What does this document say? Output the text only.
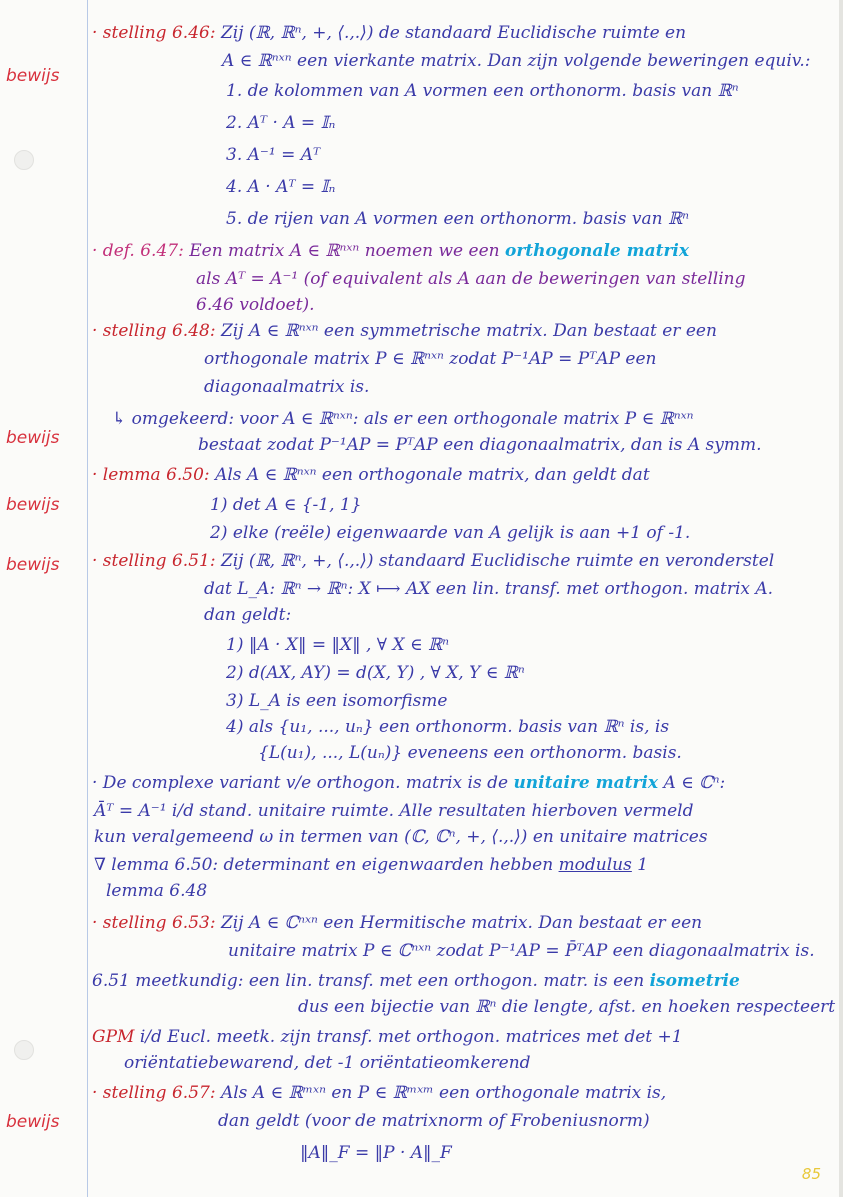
bewijs
bewijs
bewijs
bewijs
bewijs
· stelling 6.46: Zij (ℝ, ℝⁿ, +, ⟨.,.⟩) de standaard Euclidische ruimte en
A ∈ ℝⁿˣⁿ een vierkante matrix. Dan zijn volgende beweringen equiv.:
1. de kolommen van A vormen een orthonorm. basis van ℝⁿ
2. Aᵀ · A = 𝕀ₙ
3. A⁻¹ = Aᵀ
4. A · Aᵀ = 𝕀ₙ
5. de rijen van A vormen een orthonorm. basis van ℝⁿ
· def. 6.47: Een matrix A ∈ ℝⁿˣⁿ noemen we een orthogonale matrix
als Aᵀ = A⁻¹ (of equivalent als A aan de beweringen van stelling
6.46 voldoet).
· stelling 6.48: Zij A ∈ ℝⁿˣⁿ een symmetrische matrix. Dan bestaat er een
orthogonale matrix P ∈ ℝⁿˣⁿ zodat P⁻¹AP = PᵀAP een
diagonaalmatrix is.
↳ omgekeerd: voor A ∈ ℝⁿˣⁿ: als er een orthogonale matrix P ∈ ℝⁿˣⁿ
bestaat zodat P⁻¹AP = PᵀAP een diagonaalmatrix, dan is A symm.
· lemma 6.50: Als A ∈ ℝⁿˣⁿ een orthogonale matrix, dan geldt dat
1) det A ∈ {-1, 1}
2) elke (reële) eigenwaarde van A gelijk is aan +1 of -1.
· stelling 6.51: Zij (ℝ, ℝⁿ, +, ⟨.,.⟩) standaard Euclidische ruimte en veronderstel
dat L_A: ℝⁿ → ℝⁿ: X ⟼ AX een lin. transf. met orthogon. matrix A.
dan geldt:
1) ‖A · X‖ = ‖X‖ , ∀ X ∈ ℝⁿ
2) d(AX, AY) = d(X, Y) , ∀ X, Y ∈ ℝⁿ
3) L_A is een isomorfisme
4) als {u₁, ..., uₙ} een orthonorm. basis van ℝⁿ is, is
{L(u₁), ..., L(uₙ)} eveneens een orthonorm. basis.
· De complexe variant v/e orthogon. matrix is de unitaire matrix A ∈ ℂⁿ:
Āᵀ = A⁻¹ i/d stand. unitaire ruimte. Alle resultaten hierboven vermeld
kun veralgemeend ω in termen van (ℂ, ℂⁿ, +, ⟨.,.⟩) en unitaire matrices
∇ lemma 6.50: determinant en eigenwaarden hebben modulus 1
lemma 6.48
· stelling 6.53: Zij A ∈ ℂⁿˣⁿ een Hermitische matrix. Dan bestaat er een
unitaire matrix P ∈ ℂⁿˣⁿ zodat P⁻¹AP = P̄ᵀAP een diagonaalmatrix is.
6.51 meetkundig: een lin. transf. met een orthogon. matr. is een isometrie
dus een bijectie van ℝⁿ die lengte, afst. en hoeken respecteert
GPM i/d Eucl. meetk. zijn transf. met orthogon. matrices met det +1
oriëntatiebewarend, det -1 oriëntatieomkerend
· stelling 6.57: Als A ∈ ℝᵐˣⁿ en P ∈ ℝᵐˣᵐ een orthogonale matrix is,
dan geldt (voor de matrixnorm of Frobeniusnorm)
‖A‖_F = ‖P · A‖_F
85
